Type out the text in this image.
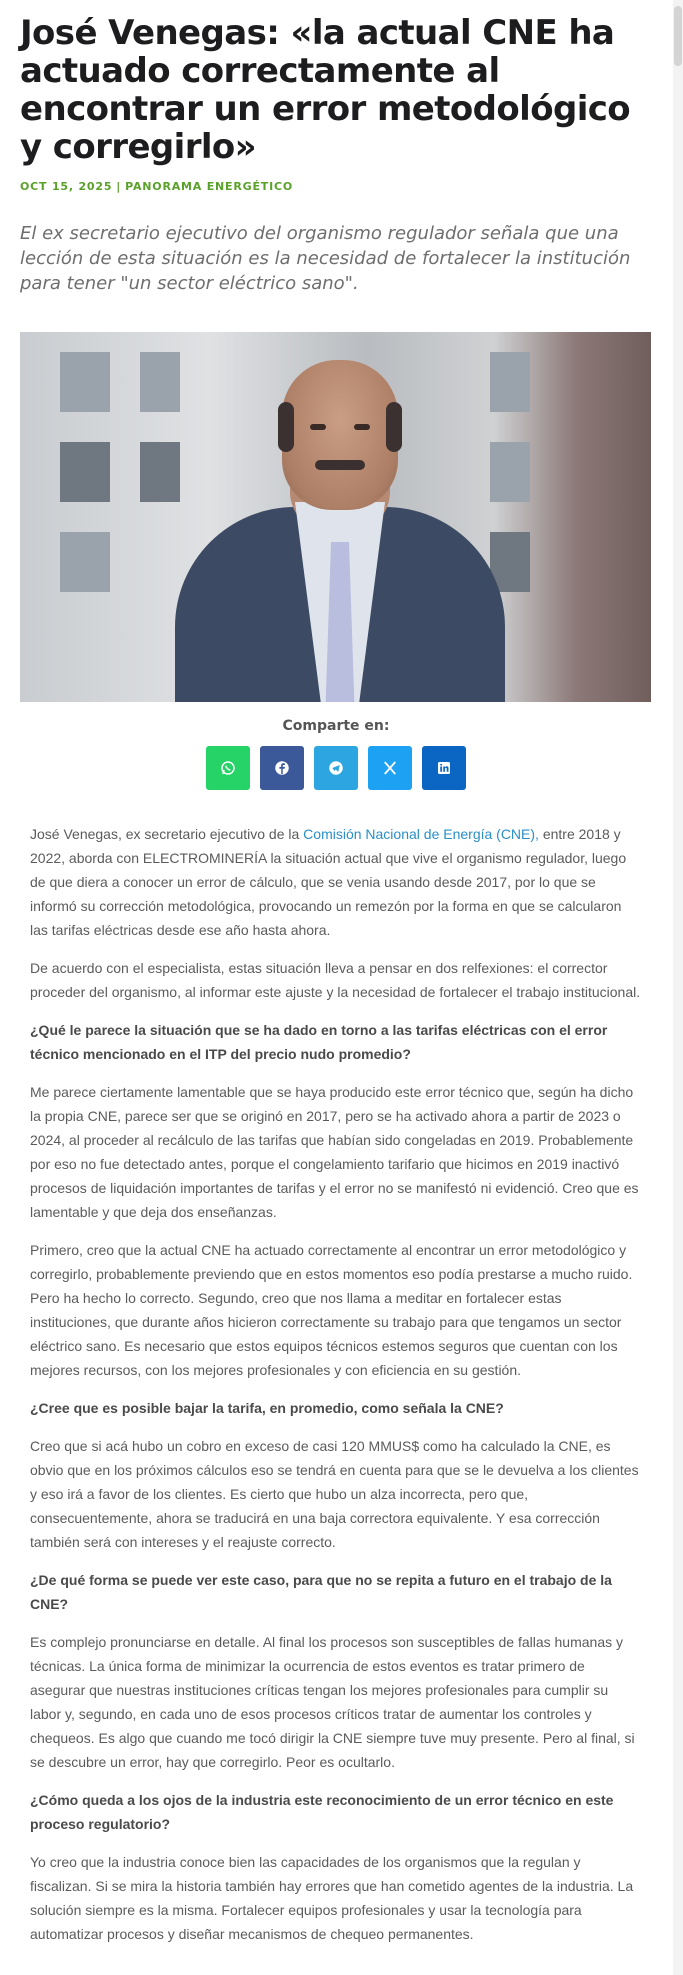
José Venegas: «la actual CNE ha actuado correctamente al encontrar un error metodológico y corregirlo»
OCT 15, 2025 | PANORAMA ENERGÉTICO
El ex secretario ejecutivo del organismo regulador señala que una lección de esta situación es la necesidad de fortalecer la institución para tener "un sector eléctrico sano".
Comparte en:

José Venegas, ex secretario ejecutivo de la Comisión Nacional de Energía (CNE), entre 2018 y 2022, aborda con ELECTROMINERÍA la situación actual que vive el organismo regulador, luego de que diera a conocer un error de cálculo, que se venia usando desde 2017, por lo que se informó su corrección metodológica, provocando un remezón por la forma en que se calcularon las tarifas eléctricas desde ese año hasta ahora.

De acuerdo con el especialista, estas situación lleva a pensar en dos relfexiones: el corrector proceder del organismo, al informar este ajuste y la necesidad de fortalecer el trabajo institucional.

¿Qué le parece la situación que se ha dado en torno a las tarifas eléctricas con el error técnico mencionado en el ITP del precio nudo promedio?

Me parece ciertamente lamentable que se haya producido este error técnico que, según ha dicho la propia CNE, parece ser que se originó en 2017, pero se ha activado ahora a partir de 2023 o 2024, al proceder al recálculo de las tarifas que habían sido congeladas en 2019. Probablemente por eso no fue detectado antes, porque el congelamiento tarifario que hicimos en 2019 inactivó procesos de liquidación importantes de tarifas y el error no se manifestó ni evidenció. Creo que es lamentable y que deja dos enseñanzas.

Primero, creo que la actual CNE ha actuado correctamente al encontrar un error metodológico y corregirlo, probablemente previendo que en estos momentos eso podía prestarse a mucho ruido. Pero ha hecho lo correcto. Segundo, creo que nos llama a meditar en fortalecer estas instituciones, que durante años hicieron correctamente su trabajo para que tengamos un sector eléctrico sano. Es necesario que estos equipos técnicos estemos seguros que cuentan con los mejores recursos, con los mejores profesionales y con eficiencia en su gestión.

¿Cree que es posible bajar la tarifa, en promedio, como señala la CNE?

Creo que si acá hubo un cobro en exceso de casi 120 MMUS$ como ha calculado la CNE, es obvio que en los próximos cálculos eso se tendrá en cuenta para que se le devuelva a los clientes y eso irá a favor de los clientes. Es cierto que hubo un alza incorrecta, pero que, consecuentemente, ahora se traducirá en una baja correctora equivalente. Y esa corrección también será con intereses y el reajuste correcto.

¿De qué forma se puede ver este caso, para que no se repita a futuro en el trabajo de la CNE?

Es complejo pronunciarse en detalle. Al final los procesos son susceptibles de fallas humanas y técnicas. La única forma de minimizar la ocurrencia de estos eventos es tratar primero de asegurar que nuestras instituciones críticas tengan los mejores profesionales para cumplir su labor y, segundo, en cada uno de esos procesos críticos tratar de aumentar los controles y chequeos. Es algo que cuando me tocó dirigir la CNE siempre tuve muy presente. Pero al final, si se descubre un error, hay que corregirlo. Peor es ocultarlo.

¿Cómo queda a los ojos de la industria este reconocimiento de un error técnico en este proceso regulatorio?

Yo creo que la industria conoce bien las capacidades de los organismos que la regulan y fiscalizan. Si se mira la historia también hay errores que han cometido agentes de la industria. La solución siempre es la misma. Fortalecer equipos profesionales y usar la tecnología para automatizar procesos y diseñar mecanismos de chequeo permanentes.
